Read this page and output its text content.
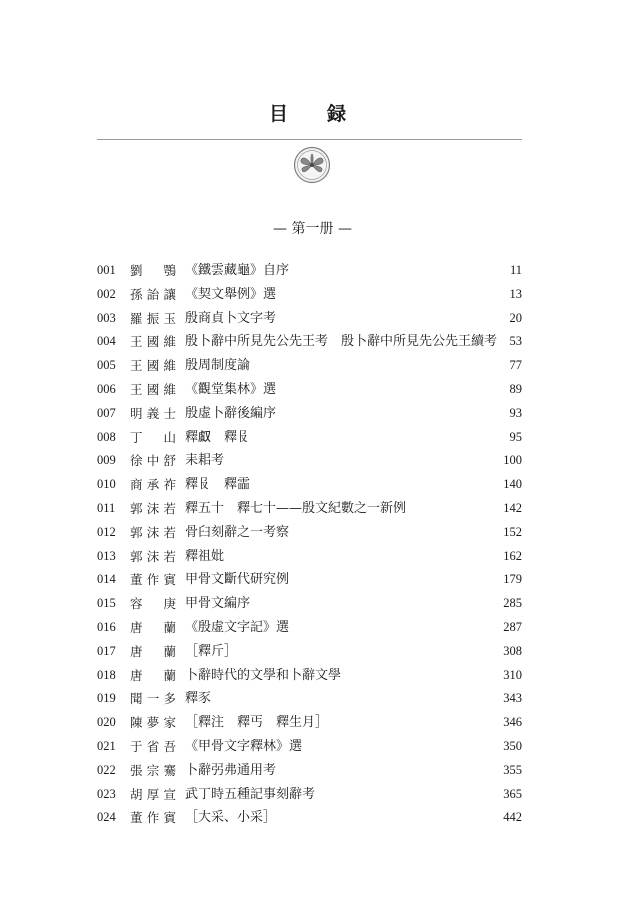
目　録
— 第一册 —
001 劉　鶚 《鐵雲藏龜》自序	11
002 孫詒讓 《契文舉例》選	13
003 羅振玉 殷商貞卜文字考	20
004 王國維 殷卜辭中所見先公先王考　殷卜辭中所見先公先王續考 53
005 王國維 殷周制度論	77
006 王國維 《觀堂集林》選	89
007 明義士 殷虚卜辭後編序	93
008 丁　山 釋𠭯　釋𠬝	95
009 徐中舒 耒耜考	100
010 商承祚 釋𠬝　釋霝	140
011 郭沫若 釋五十　釋七十——殷文紀數之一新例	142
012 郭沫若 骨臼刻辭之一考察	152
013 郭沫若 釋祖妣	162
014 董作賓 甲骨文斷代研究例	179
015 容　庚 甲骨文編序	285
016 唐　蘭 《殷虚文字記》選	287
017 唐　蘭 ［釋斤］	308
018 唐　蘭 卜辭時代的文學和卜辭文學	310
019 聞一多 釋豕	343
020 陳夢家 ［釋注　釋丐　釋生月］	346
021 于省吾 《甲骨文字釋林》選	350
022 張宗騫 卜辭弜弗通用考	355
023 胡厚宣 武丁時五種記事刻辭考	365
024 董作賓 ［大采、小采］	442
